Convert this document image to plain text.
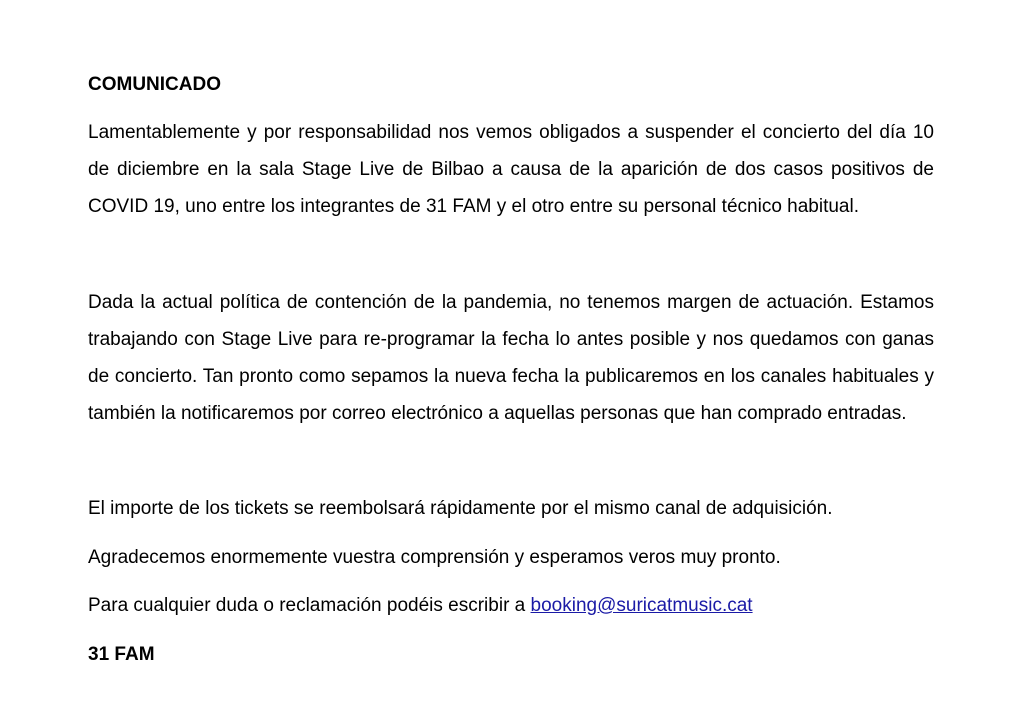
COMUNICADO

Lamentablemente y por responsabilidad nos vemos obligados a suspender el concierto del día 10 de diciembre en la sala Stage Live de Bilbao a causa de la aparición de dos casos positivos de COVID 19, uno entre los integrantes de 31 FAM y el otro entre su personal técnico habitual.

Dada la actual política de contención de la pandemia, no tenemos margen de actuación. Estamos trabajando con Stage Live para re-programar la fecha lo antes posible y nos quedamos con ganas de concierto. Tan pronto como sepamos la nueva fecha la publicaremos en los canales habituales y también la notificaremos por correo electrónico a aquellas personas que han comprado entradas.

El importe de los tickets se reembolsará rápidamente por el mismo canal de adquisición.
Agradecemos enormemente vuestra comprensión y esperamos veros muy pronto.
Para cualquier duda o reclamación podéis escribir a booking@suricatmusic.cat
31 FAM
